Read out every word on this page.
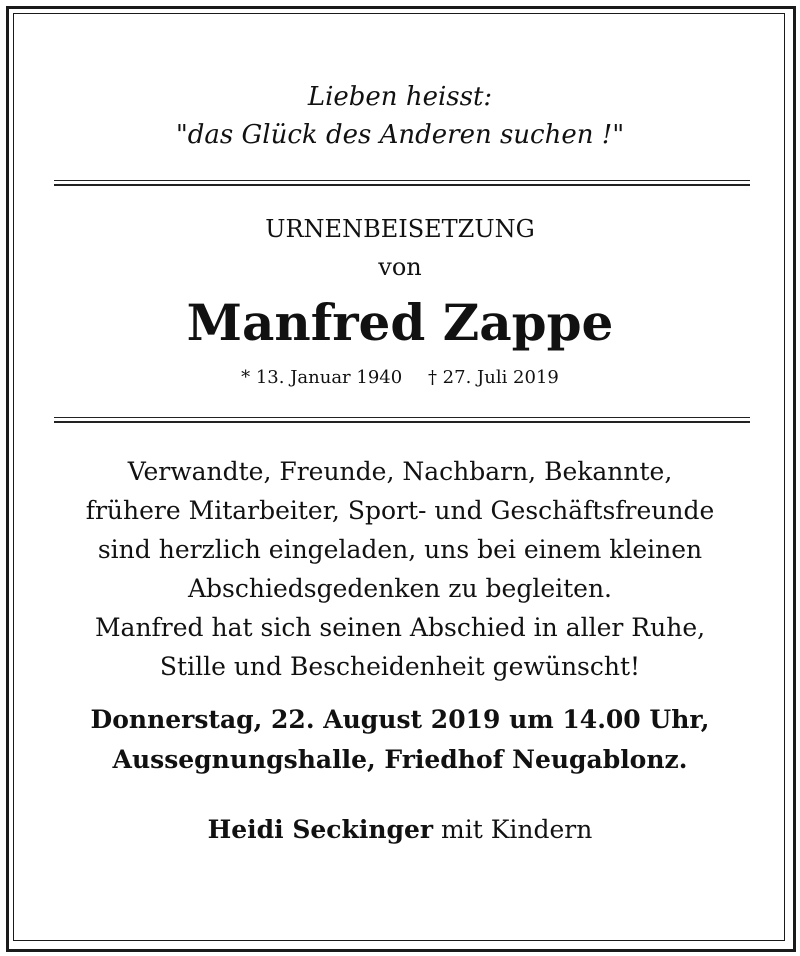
Lieben heisst:
"das Glück des Anderen suchen !"
URNENBEISETZUNG
von
Manfred Zappe
* 13. Januar 1940 † 27. Juli 2019
Verwandte, Freunde, Nachbarn, Bekannte,
frühere Mitarbeiter, Sport- und Geschäftsfreunde
sind herzlich eingeladen, uns bei einem kleinen
Abschiedsgedenken zu begleiten.
Manfred hat sich seinen Abschied in aller Ruhe,
Stille und Bescheidenheit gewünscht!
Donnerstag, 22. August 2019 um 14.00 Uhr,
Aussegnungshalle, Friedhof Neugablonz.
Heidi Seckinger mit Kindern
